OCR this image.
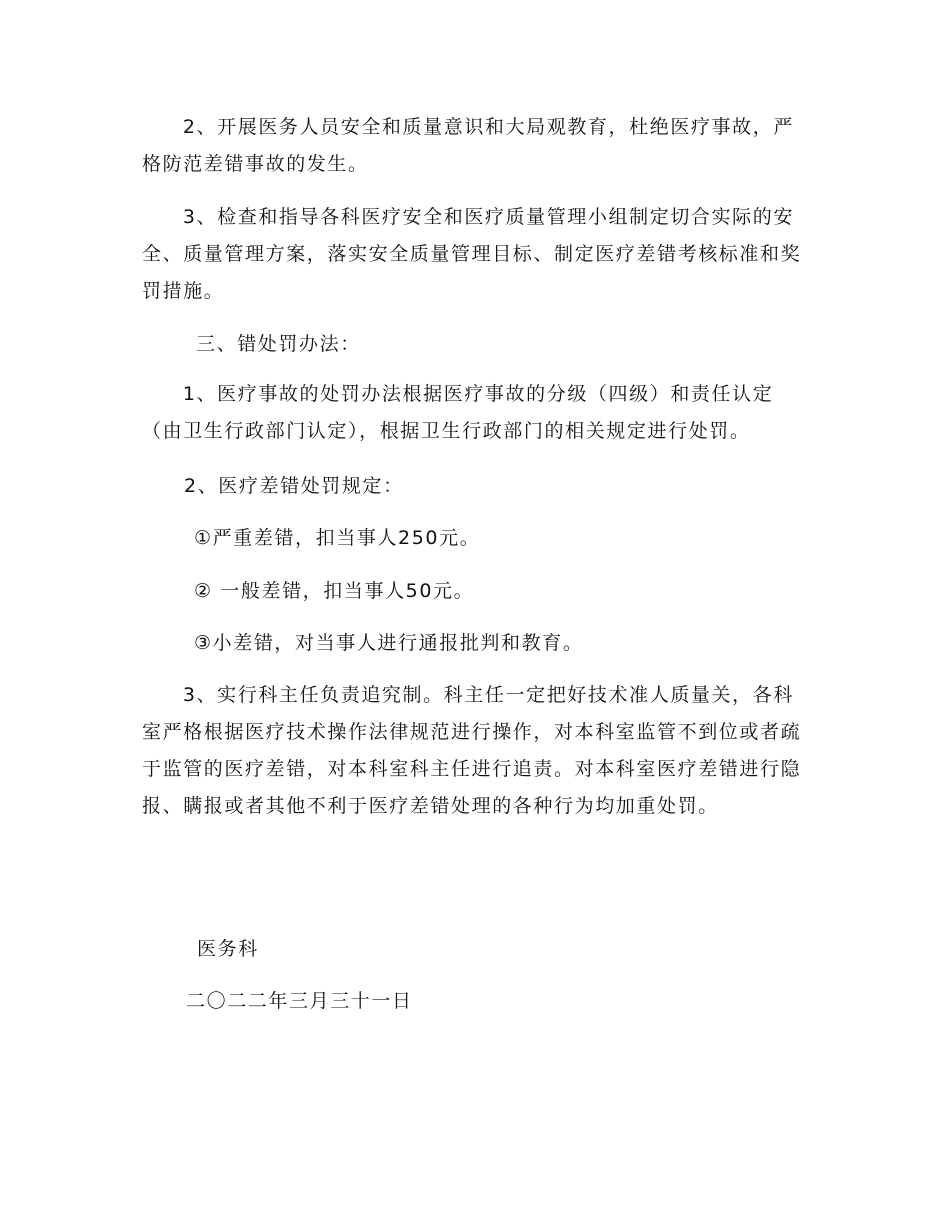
2、开展医务人员安全和质量意识和大局观教育，杜绝医疗事故，严格防范差错事故的发生。

3、检查和指导各科医疗安全和医疗质量管理小组制定切合实际的安全、质量管理方案，落实安全质量管理目标、制定医疗差错考核标准和奖罚措施。

三、错处罚办法：

1、医疗事故的处罚办法根据医疗事故的分级（四级）和责任认定（由卫生行政部门认定），根据卫生行政部门的相关规定进行处罚。

2、医疗差错处罚规定：
①严重差错，扣当事人250元。
② 一般差错，扣当事人50元。
③小差错，对当事人进行通报批判和教育。

3、实行科主任负责追究制。科主任一定把好技术准人质量关，各科室严格根据医疗技术操作法律规范进行操作，对本科室监管不到位或者疏于监管的医疗差错，对本科室科主任进行追责。对本科室医疗差错进行隐报、瞒报或者其他不利于医疗差错处理的各种行为均加重处罚。

医务科
二〇二二年三月三十一日
